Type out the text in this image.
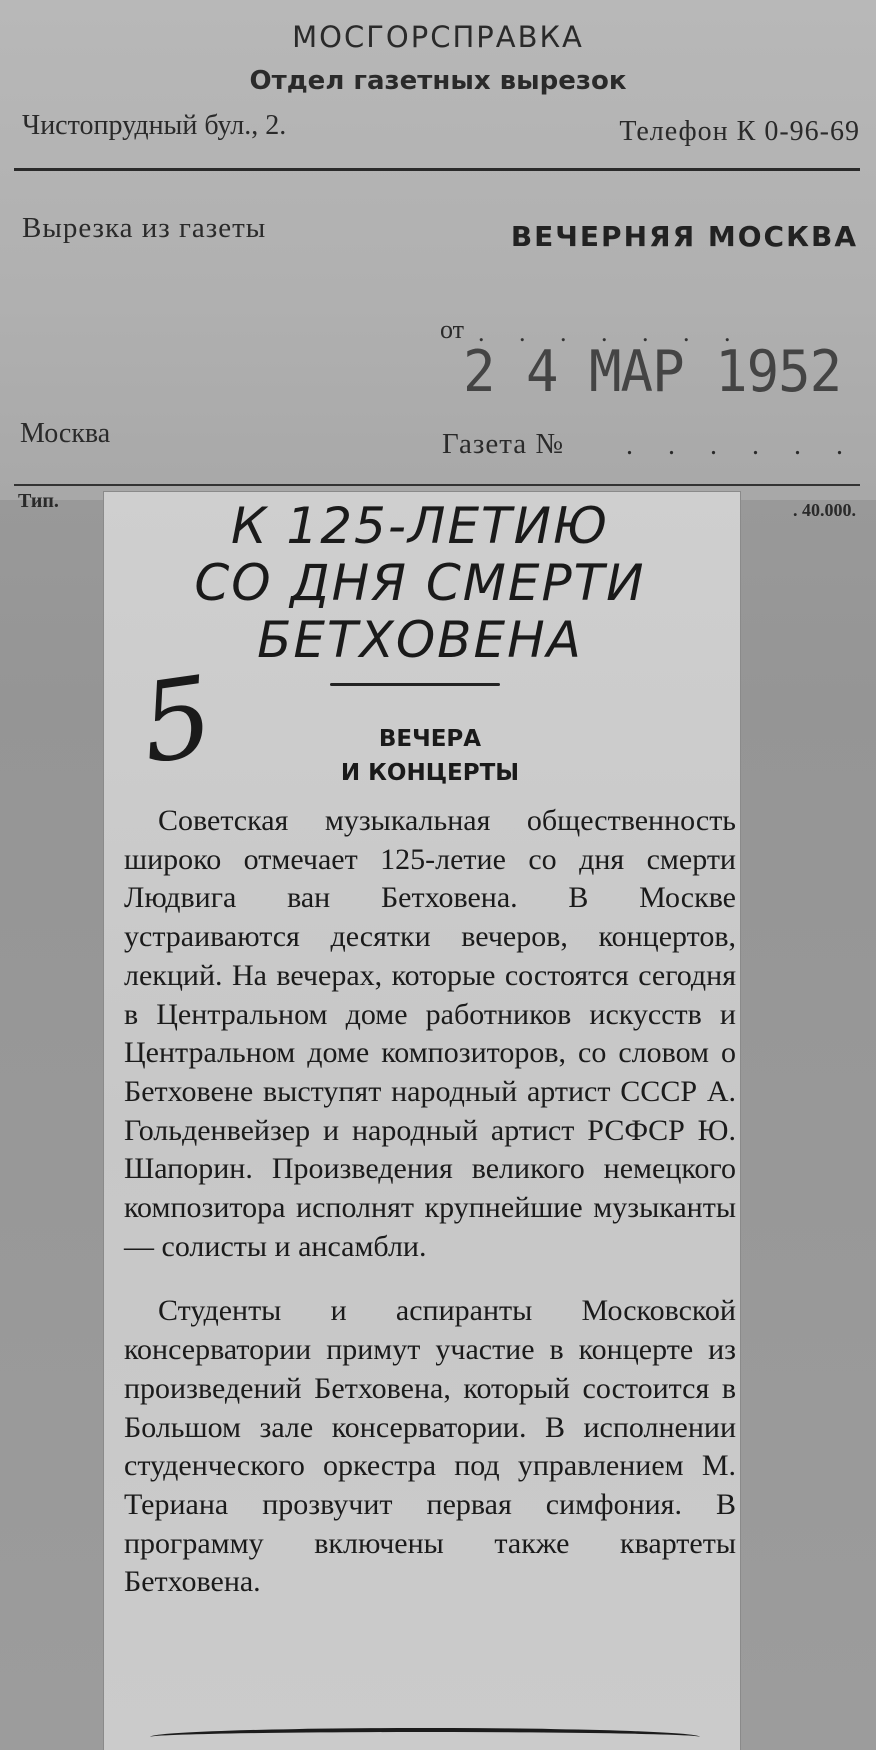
МОСГОРСПРАВКА
Отдел газетных вырезок
Чистопрудный бул., 2.	Телефон К 0-96-69
Вырезка из газеты	ВЕЧЕРНЯЯ МОСКВА
от . . . . . . .
2 4 МАР 1952
Москва	Газета № . . . . . .
Тип.	. 40.000.
К 125-ЛЕТИЮ
СО ДНЯ СМЕРТИ
БЕТХОВЕНА
5	ВЕЧЕРА
И КОНЦЕРТЫ

Советская музыкальная общественность широко отмечает 125-летие со дня смерти Людвига ван Бетховена. В Москве устраиваются десятки вечеров, концертов, лекций. На вечерах, которые состоятся сегодня в Центральном доме работников искусств и Центральном доме композиторов, со словом о Бетховене выступят народный артист СССР А. Гольденвейзер и народный артист РСФСР Ю. Шапорин. Произведения великого немецкого композитора исполнят крупнейшие музыканты — солисты и ансамбли.

Студенты и аспиранты Московской консерватории примут участие в концерте из произведений Бетховена, который состоится в Большом зале консерватории. В исполнении студенческого оркестра под управлением М. Териана прозвучит первая симфония. В программу включены также квартеты Бетховена.
